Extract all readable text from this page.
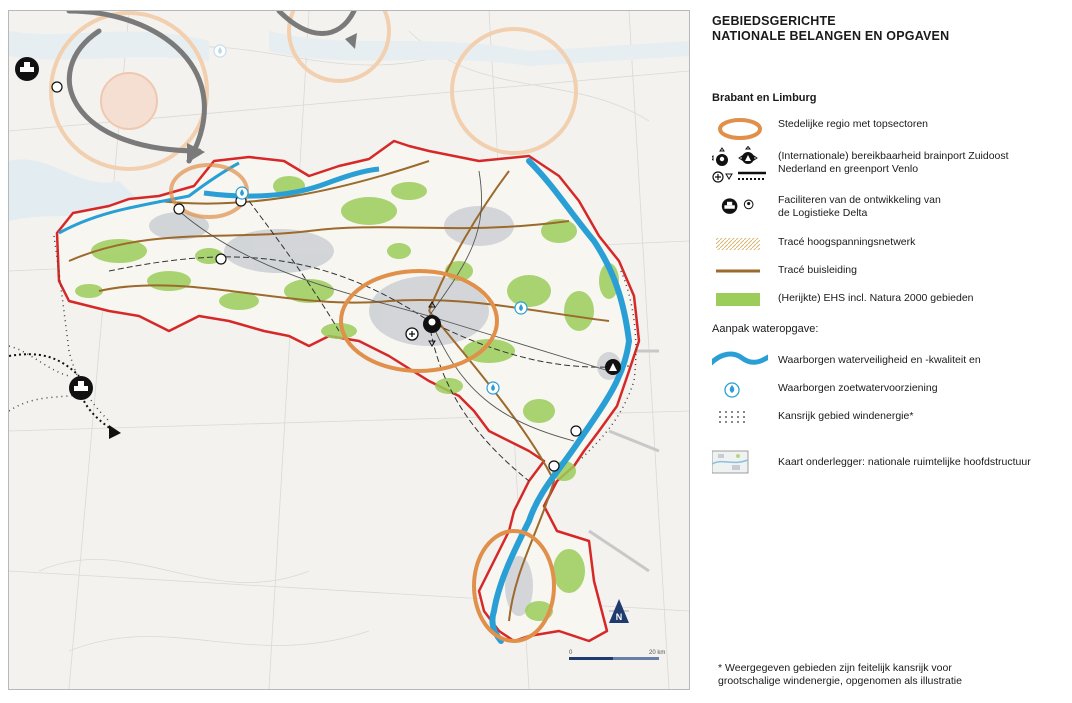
N
0	20 km
GEBIEDSGERICHTE
NATIONALE BELANGEN EN OPGAVEN
Brabant en Limburg
Stedelijke regio met topsectoren
(Internationale) bereikbaarheid brainport Zuidoost
Nederland en greenport Venlo
Faciliteren van de ontwikkeling van
de Logistieke Delta
Tracé hoogspanningsnetwerk
Tracé buisleiding
(Herijkte) EHS incl. Natura 2000 gebieden
Aanpak wateropgave:
Waarborgen waterveiligheid en -kwaliteit en
Waarborgen zoetwatervoorziening
Kansrijk gebied windenergie*
Kaart onderlegger: nationale ruimtelijke hoofdstructuur
* Weergegeven gebieden zijn feitelijk kansrijk voor
grootschalige windenergie, opgenomen als illustratie
